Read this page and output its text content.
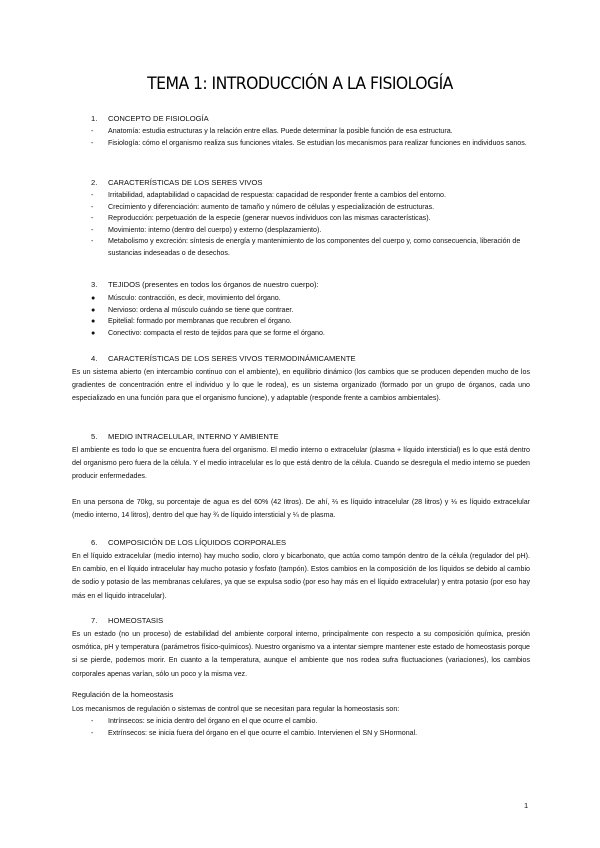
TEMA 1: INTRODUCCIÓN A LA FISIOLOGÍA
1. CONCEPTO DE FISIOLOGÍA
- Anatomía: estudia estructuras y la relación entre ellas. Puede determinar la posible función de esa estructura.
- Fisiología: cómo el organismo realiza sus funciones vitales. Se estudian los mecanismos para realizar funciones en individuos sanos.
2. CARACTERÍSTICAS DE LOS SERES VIVOS
- Irritabilidad, adaptabilidad o capacidad de respuesta: capacidad de responder frente a cambios del entorno.
- Crecimiento y diferenciación: aumento de tamaño y número de células y especialización de estructuras.
- Reproducción: perpetuación de la especie (generar nuevos individuos con las mismas características).
- Movimiento: interno (dentro del cuerpo) y externo (desplazamiento).
- Metabolismo y excreción: síntesis de energía y mantenimiento de los componentes del cuerpo y, como consecuencia, liberación de sustancias indeseadas o de desechos.
3. TEJIDOS (presentes en todos los órganos de nuestro cuerpo):
● Músculo: contracción, es decir, movimiento del órgano.
● Nervioso: ordena al músculo cuándo se tiene que contraer.
● Epitelial: formado por membranas que recubren el órgano.
● Conectivo: compacta el resto de tejidos para que se forme el órgano.
4. CARACTERÍSTICAS DE LOS SERES VIVOS TERMODINÁMICAMENTE

Es un sistema abierto (en intercambio continuo con el ambiente), en equilibrio dinámico (los cambios que se producen dependen mucho de los gradientes de concentración entre el individuo y lo que le rodea), es un sistema organizado (formado por un grupo de órganos, cada uno especializado en una función para que el organismo funcione), y adaptable (responde frente a cambios ambientales).

5. MEDIO INTRACELULAR, INTERNO Y AMBIENTE

El ambiente es todo lo que se encuentra fuera del organismo. El medio interno o extracelular (plasma + líquido intersticial) es lo que está dentro del organismo pero fuera de la célula. Y el medio intracelular es lo que está dentro de la célula. Cuando se desregula el medio interno se pueden producir enfermedades.

En una persona de 70kg, su porcentaje de agua es del 60% (42 litros). De ahí, ⅔ es líquido intracelular (28 litros) y ⅓ es líquido extracelular (medio interno, 14 litros), dentro del que hay ¾ de líquido intersticial y ¼ de plasma.

6. COMPOSICIÓN DE LOS LÍQUIDOS CORPORALES

En el líquido extracelular (medio interno) hay mucho sodio, cloro y bicarbonato, que actúa como tampón dentro de la célula (regulador del pH). En cambio, en el líquido intracelular hay mucho potasio y fosfato (tampón). Estos cambios en la composición de los líquidos se debido al cambio de sodio y potasio de las membranas celulares, ya que se expulsa sodio (por eso hay más en el líquido extracelular) y entra potasio (por eso hay más en el líquido intracelular).

7. HOMEOSTASIS

Es un estado (no un proceso) de estabilidad del ambiente corporal interno, principalmente con respecto a su composición química, presión osmótica, pH y temperatura (parámetros físico-químicos). Nuestro organismo va a intentar siempre mantener este estado de homeostasis porque si se pierde, podemos morir. En cuanto a la temperatura, aunque el ambiente que nos rodea sufra fluctuaciones (variaciones), los cambios corporales apenas varían, sólo un poco y la misma vez.

Regulación de la homeostasis

Los mecanismos de regulación o sistemas de control que se necesitan para regular la homeostasis son:

- Intrínsecos: se inicia dentro del órgano en el que ocurre el cambio.
- Extrínsecos: se inicia fuera del órgano en el que ocurre el cambio. Intervienen el SN y SHormonal.
1
